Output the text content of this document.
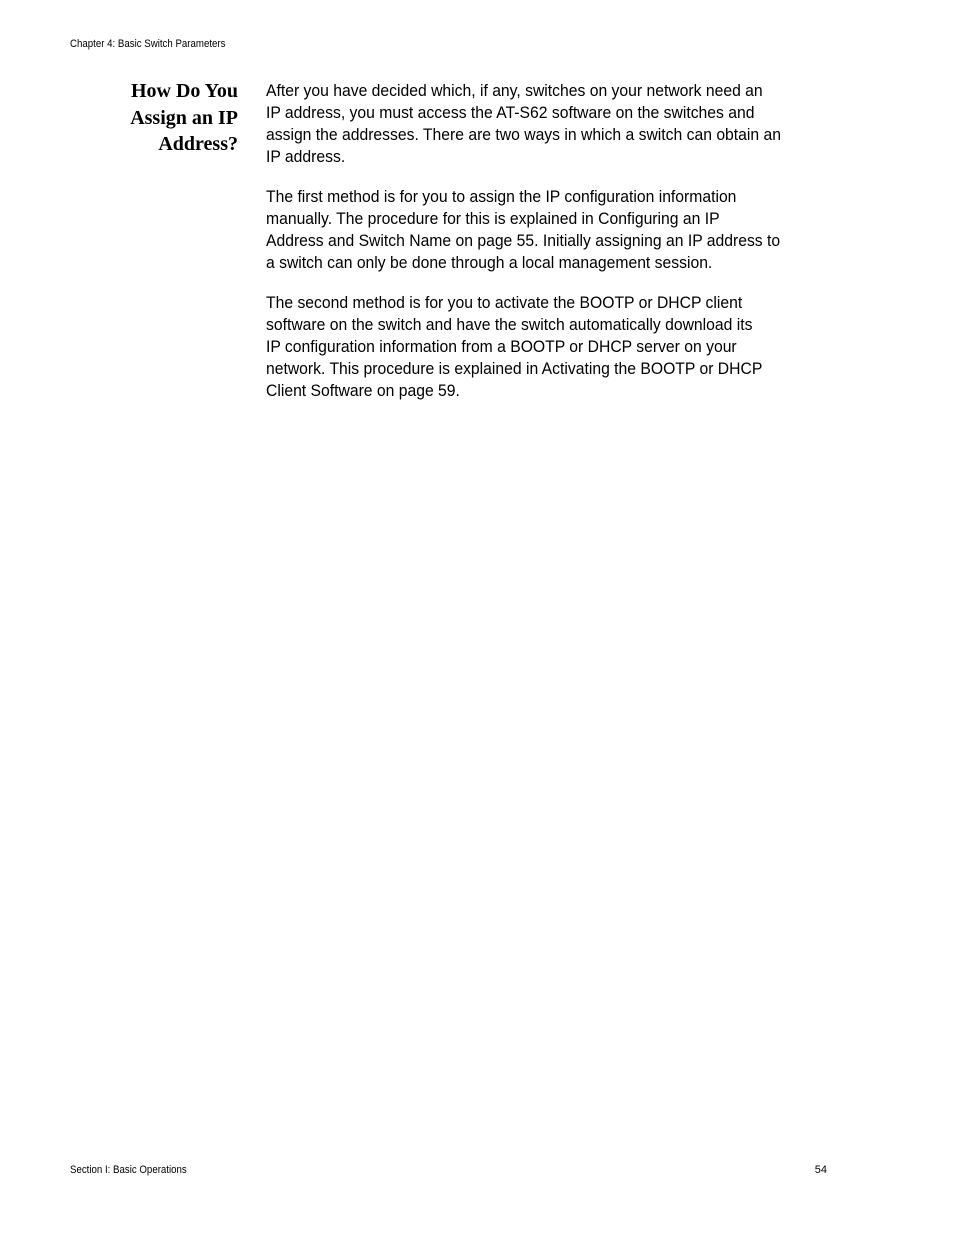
Chapter 4: Basic Switch Parameters
How Do You
Assign an IP
Address?

After you have decided which, if any, switches on your network need an
IP address, you must access the AT-S62 software on the switches and
assign the addresses. There are two ways in which a switch can obtain an
IP address.

The first method is for you to assign the IP configuration information
manually. The procedure for this is explained in Configuring an IP
Address and Switch Name on page 55. Initially assigning an IP address to
a switch can only be done through a local management session.

The second method is for you to activate the BOOTP or DHCP client
software on the switch and have the switch automatically download its
IP configuration information from a BOOTP or DHCP server on your
network. This procedure is explained in Activating the BOOTP or DHCP
Client Software on page 59.

Section I: Basic Operations	54
